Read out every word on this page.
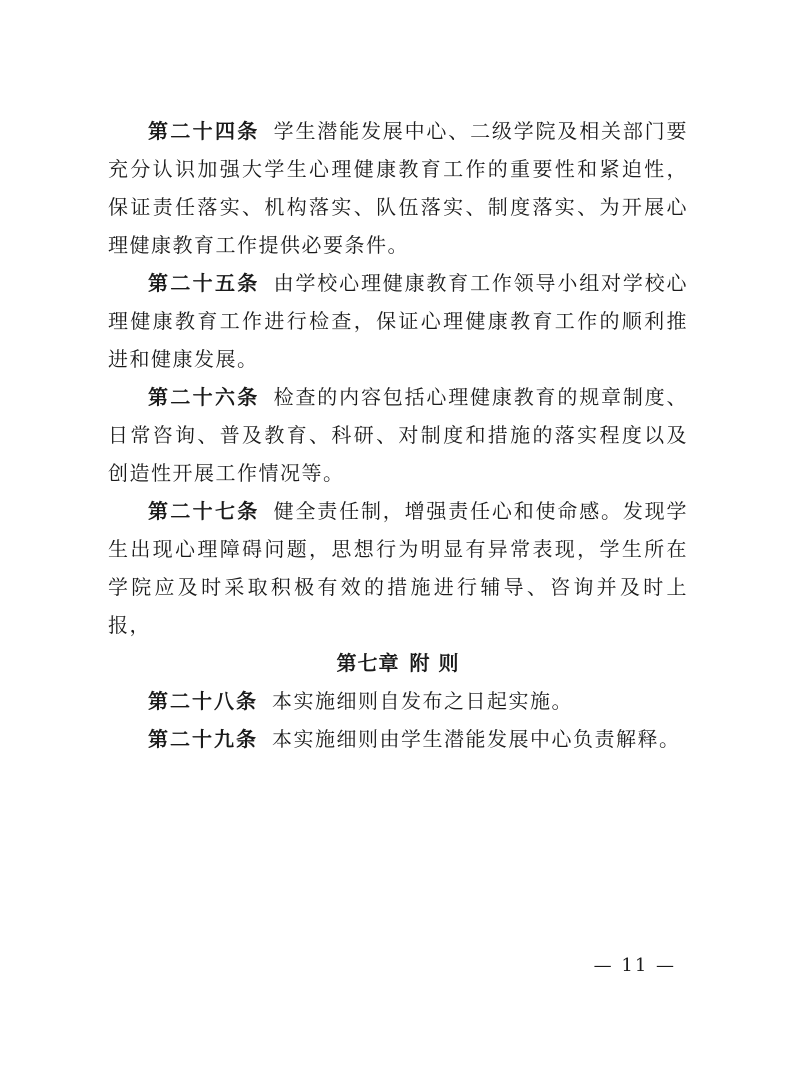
第二十四条 学生潜能发展中心、二级学院及相关部门要充分认识加强大学生心理健康教育工作的重要性和紧迫性，保证责任落实、机构落实、队伍落实、制度落实、为开展心理健康教育工作提供必要条件。

第二十五条 由学校心理健康教育工作领导小组对学校心理健康教育工作进行检查，保证心理健康教育工作的顺利推进和健康发展。

第二十六条 检查的内容包括心理健康教育的规章制度、日常咨询、普及教育、科研、对制度和措施的落实程度以及创造性开展工作情况等。

第二十七条 健全责任制，增强责任心和使命感。发现学生出现心理障碍问题，思想行为明显有异常表现，学生所在学院应及时采取积极有效的措施进行辅导、咨询并及时上报，

第七章 附 则

第二十八条 本实施细则自发布之日起实施。

第二十九条 本实施细则由学生潜能发展中心负责解释。

— 11 —
